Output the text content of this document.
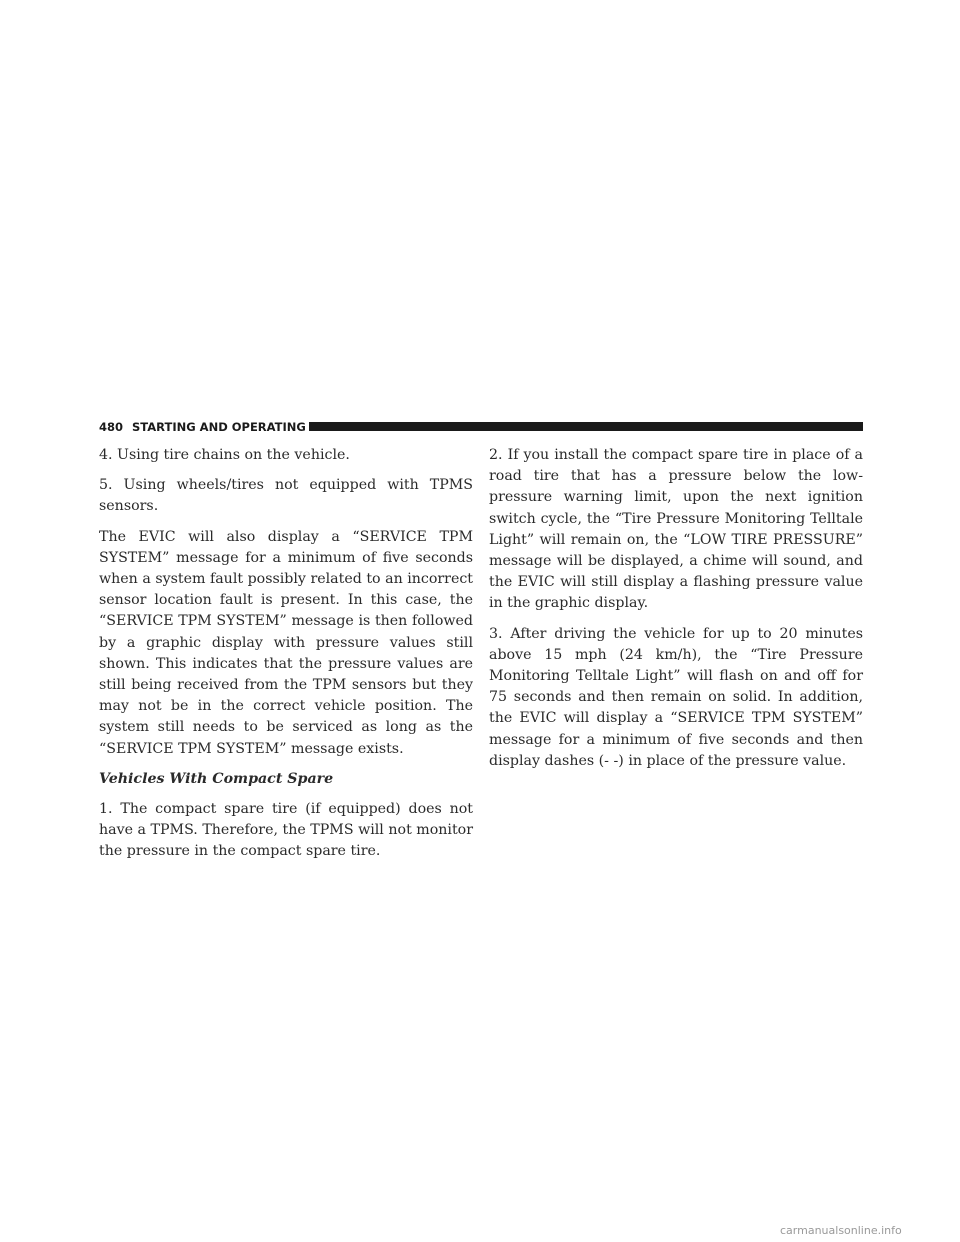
480 STARTING AND OPERATING

4. Using tire chains on the vehicle.

5. Using wheels/tires not equipped with TPMS sensors.

The EVIC will also display a “SERVICE TPM SYSTEM” message for a minimum of five seconds when a system fault possibly related to an incorrect sensor location fault is present. In this case, the “SERVICE TPM SYSTEM” message is then followed by a graphic display with pressure values still shown. This indicates that the pressure values are still being received from the TPM sensors but they may not be in the correct vehicle position. The system still needs to be serviced as long as the “SERVICE TPM SYSTEM” message exists.

Vehicles With Compact Spare

1. The compact spare tire (if equipped) does not have a TPMS. Therefore, the TPMS will not monitor the pressure in the compact spare tire.

2. If you install the compact spare tire in place of a road tire that has a pressure below the low-pressure warning limit, upon the next ignition switch cycle, the “Tire Pressure Monitoring Telltale Light” will remain on, the “LOW TIRE PRESSURE” message will be displayed, a chime will sound, and the EVIC will still display a flashing pressure value in the graphic display.

3. After driving the vehicle for up to 20 minutes above 15 mph (24 km/h), the “Tire Pressure Monitoring Telltale Light” will flash on and off for 75 seconds and then remain on solid. In addition, the EVIC will display a “SERVICE TPM SYSTEM” message for a minimum of five seconds and then display dashes (- -) in place of the pressure value.

carmanualsonline.info
